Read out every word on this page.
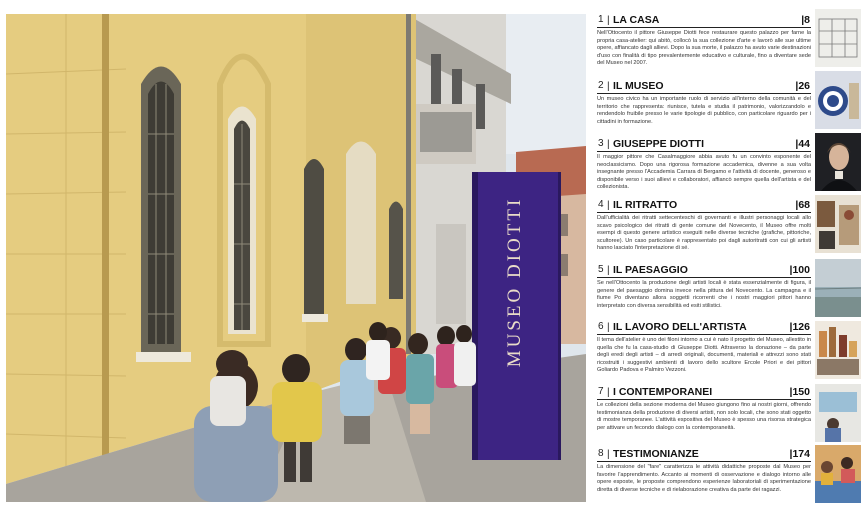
MUSEO DIOTTI
1 | LA CASA	|8

Nell'Ottocento il pittore Giuseppe Diotti fece restaurare questo palazzo per farne la propria casa-atelier: qui abitò, collocò la sua collezione d'arte e lavorò alle sue ultime opere, affiancato dagli allievi. Dopo la sua morte, il palazzo ha avuto varie destinazioni d'uso con finalità di tipo prevalentemente educativo e culturale, fino a diventare sede del Museo nel 2007.

2 | IL MUSEO	|26

Un museo civico ha un importante ruolo di servizio all'interno della comunità e del territorio che rappresenta: riunisce, tutela e studia il patrimonio, valorizzandolo e rendendolo fruibile presso le varie tipologie di pubblico, con particolare riguardo per i cittadini in formazione.

3 | GIUSEPPE DIOTTI	|44

Il maggior pittore che Casalmaggiore abbia avuto fu un convinto esponente del neoclassicismo. Dopo una rigorosa formazione accademica, divenne a sua volta insegnante presso l'Accademia Carrara di Bergamo e l'attività di docente, generoso e disponibile verso i suoi allievi e collaboratori, affiancò sempre quella dell'artista e del collezionista.

4 | IL RITRATTO	|68

Dall'ufficialità dei ritratti settecenteschi di governanti e illustri personaggi locali allo scavo psicologico dei ritratti di gente comune del Novecento, il Museo offre molti esempi di questo genere artistico eseguiti nelle diverse tecniche (grafiche, pittoriche, scultoree). Un caso particolare è rappresentato poi dagli autoritratti con cui gli artisti hanno lasciato l'interpretazione di sé.

5 | IL PAESAGGIO	|100

Se nell'Ottocento la produzione degli artisti locali è stata essenzialmente di figura, il genere del paesaggio domina invece nella pittura del Novecento. La campagna e il fiume Po diventano allora soggetti ricorrenti che i nostri maggiori pittori hanno interpretato con diversa sensibilità ed esiti stilistici.

6 | IL LAVORO DELL'ARTISTA	|126

Il tema dell'atelier è uno dei filoni intorno a cui è nato il progetto del Museo, allestito in quella che fu la casa-studio di Giuseppe Diotti. Attraverso la donazione – da parte degli eredi degli artisti – di arredi originali, documenti, materiali e attrezzi sono stati ricostruiti i suggestivi ambienti di lavoro dello scultore Ercole Priori e dei pittori Goliardo Padova e Palmiro Vezzoni.

7 | I CONTEMPORANEI	|150

Le collezioni della sezione moderna del Museo giungono fino ai nostri giorni, offrendo testimonianza della produzione di diversi artisti, non solo locali, che sono stati oggetto di mostre temporanee. L'attività espositiva del Museo è spesso una risorsa strategica per attivare un fecondo dialogo con la contemporaneità.

8 | TESTIMONIANZE	|174

La dimensione del "fare" caratterizza le attività didattiche proposte dal Museo per favorire l'apprendimento. Accanto ai momenti di osservazione e dialogo intorno alle opere esposte, le proposte comprendono esperienze laboratoriali di sperimentazione diretta di diverse tecniche e di rielaborazione creativa da parte dei ragazzi.
